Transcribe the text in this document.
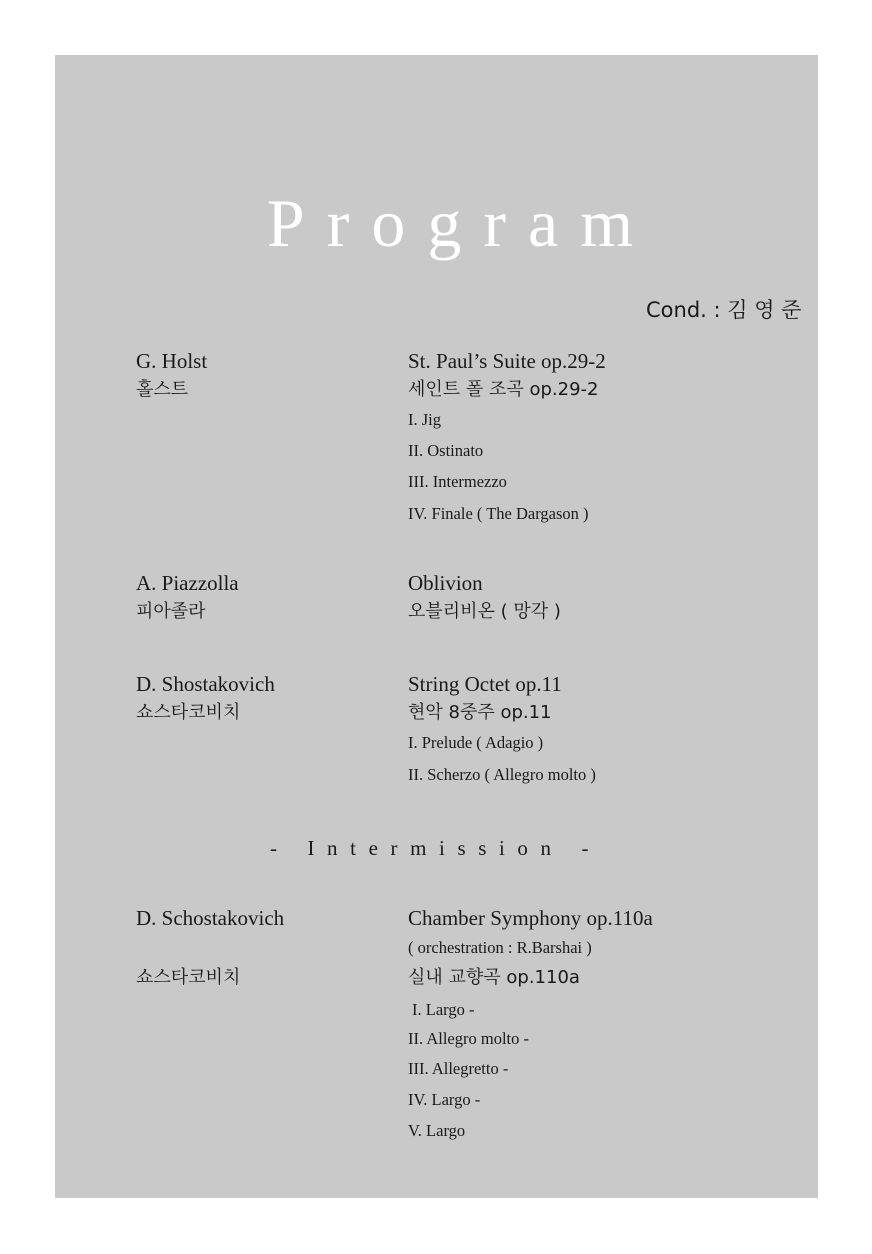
Program
Cond. : 김 영 준
G. Holst
홀스트
St. Paul’s Suite op.29-2
세인트 폴 조곡 op.29-2
I. Jig
II. Ostinato
III. Intermezzo
IV. Finale ( The Dargason )
A. Piazzolla
피아졸라
Oblivion
오블리비온 ( 망각 )
D. Shostakovich
쇼스타코비치
String Octet op.11
현악 8중주 op.11
I. Prelude ( Adagio )
II. Scherzo ( Allegro molto )
- Intermission -
D. Schostakovich
쇼스타코비치
Chamber Symphony op.110a
( orchestration : R.Barshai )
실내 교향곡 op.110a
I. Largo -
II. Allegro molto -
III. Allegretto -
IV. Largo -
V. Largo
